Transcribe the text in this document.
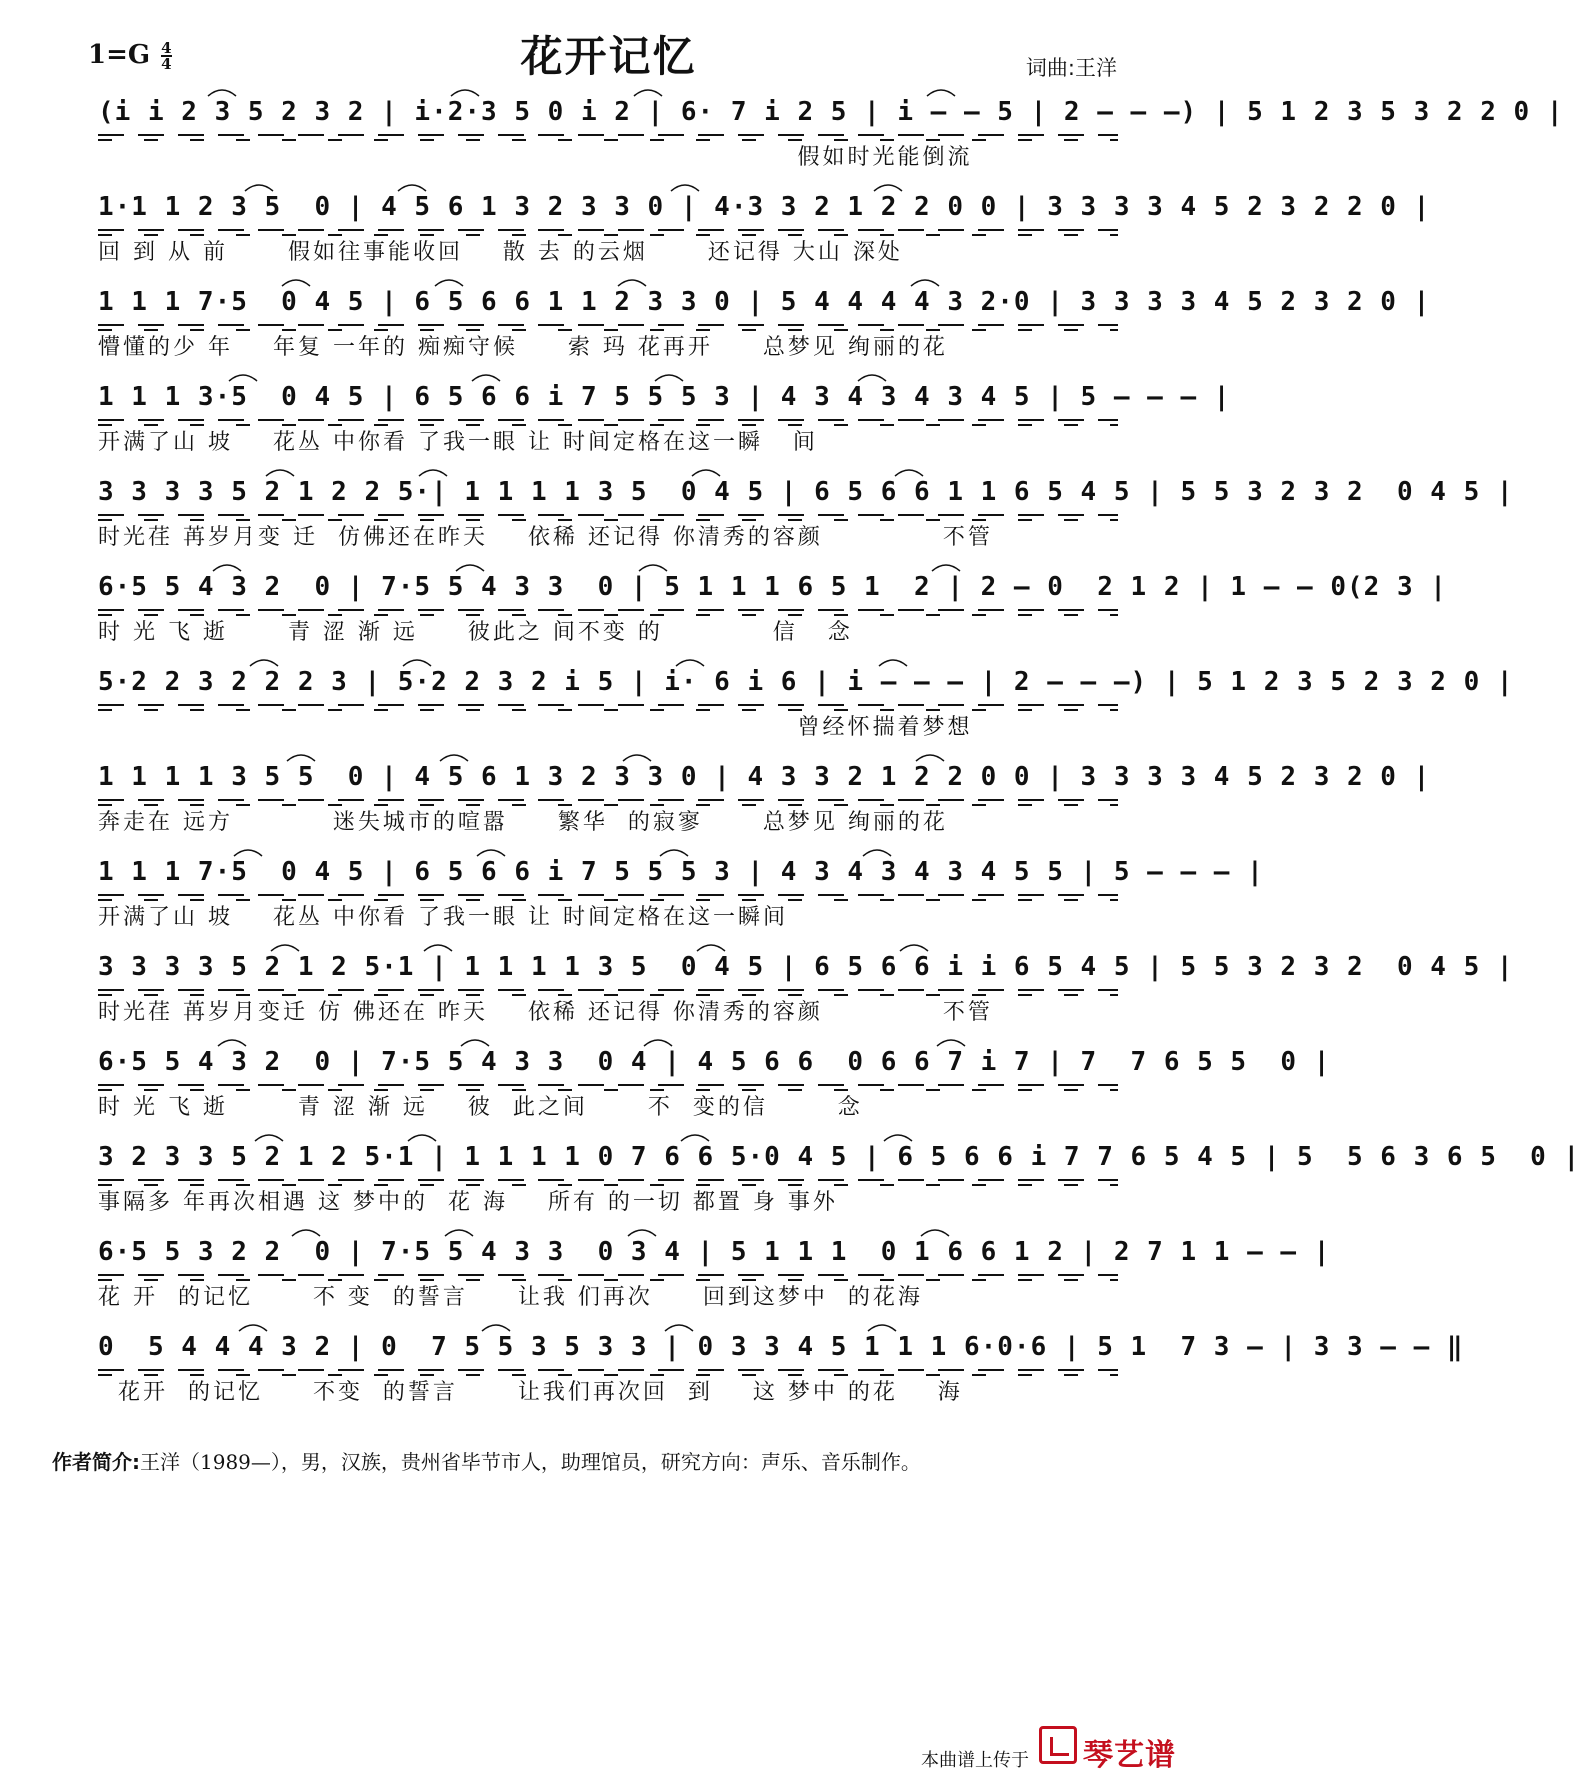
$1=G \frac{4}{4}$	花开记忆	词曲:王洋
(i i 2 3 5 2 3 2 | i·2·3 5 0 i 2 | 6· 7 i 2 5 | i — — 5 | 2 — — —) | 5 1 2 3 5 3 2 2 0 |
假如时光能倒流
1·1 1 2 3 5  0 | 4 5 6 1 3 2 3 3 0 | 4·3 3 2 1 2 2 0 0 | 3 3 3 3 4 5 2 3 2 2 0 |
回 到 从 前      假如往事能收回    散 去 的云烟      还记得 大山 深处
1 1 1 7·5  0 4 5 | 6 5 6 6 1 1 2 3 3 0 | 5 4 4 4 4 3 2·0 | 3 3 3 3 4 5 2 3 2 0 |
懵懂的少 年    年复 一年的 痴痴守候     索 玛 花再开     总梦见 绚丽的花
1 1 1 3·5  0 4 5 | 6 5 6 6 i 7 5 5 5 3 | 4 3 4 3 4 3 4 5 | 5 — — — |
开满了山 坡    花丛 中你看 了我一眼 让 时间定格在这一瞬   间
3 3 3 3 5 2 1 2 2 5·| 1 1 1 1 3 5  0 4 5 | 6 5 6 6 1 1 6 5 4 5 | 5 5 3 2 3 2  0 4 5 |
时光荏 苒岁月变 迁  仿佛还在昨天    依稀 还记得 你清秀的容颜            不管
6·5 5 4 3 2  0 | 7·5 5 4 3 3  0 | 5 1 1 1 6 5 1  2 | 2 — 0  2 1 2 | 1 — — 0(2 3 |
时 光 飞 逝      青 涩 渐 远     彼此之 间不变 的           信   念
5·2 2 3 2 2 2 3 | 5·2 2 3 2 i 5 | i· 6 i 6 | i — — — | 2 — — —) | 5 1 2 3 5 2 3 2 0 |
曾经怀揣着梦想
1 1 1 1 3 5 5  0 | 4 5 6 1 3 2 3 3 0 | 4 3 3 2 1 2 2 0 0 | 3 3 3 3 4 5 2 3 2 0 |
奔走在 远方          迷失城市的喧嚣     繁华  的寂寥      总梦见 绚丽的花
1 1 1 7·5  0 4 5 | 6 5 6 6 i 7 5 5 5 3 | 4 3 4 3 4 3 4 5 5 | 5 — — — |
开满了山 坡    花丛 中你看 了我一眼 让 时间定格在这一瞬间
3 3 3 3 5 2 1 2 5·1 | 1 1 1 1 3 5  0 4 5 | 6 5 6 6 i i 6 5 4 5 | 5 5 3 2 3 2  0 4 5 |
时光荏 苒岁月变迁 仿 佛还在 昨天    依稀 还记得 你清秀的容颜            不管
6·5 5 4 3 2  0 | 7·5 5 4 3 3  0 4 | 4 5 6 6  0 6 6 7 i 7 | 7  7 6 5 5  0 |
时 光 飞 逝       青 涩 渐 远    彼  此之间      不  变的信       念
3 2 3 3 5 2 1 2 5·1 | 1 1 1 1 0 7 6 6 5·0 4 5 | 6 5 6 6 i 7 7 6 5 4 5 | 5  5 6 3 6 5  0 |
事隔多 年再次相遇 这 梦中的  花 海    所有 的一切 都置 身 事外
6·5 5 3 2 2  0 | 7·5 5 4 3 3  0 3 4 | 5 1 1 1  0 1 6 6 1 2 | 2 7 1 1 — — |
花 开  的记忆      不 变  的誓言     让我 们再次     回到这梦中  的花海
0  5 4 4 4 3 2 | 0  7 5 5 3 5 3 3 | 0 3 3 4 5 1 1 1 6·0·6 | 5 1  7 3 — | 3 3 — — ‖
花开  的记忆     不变  的誓言      让我们再次回  到    这 梦中 的花    海
作者简介:王洋（1989—），男，汉族，贵州省毕节市人，助理馆员，研究方向：声乐、音乐制作。
本曲谱上传于 琴艺谱
